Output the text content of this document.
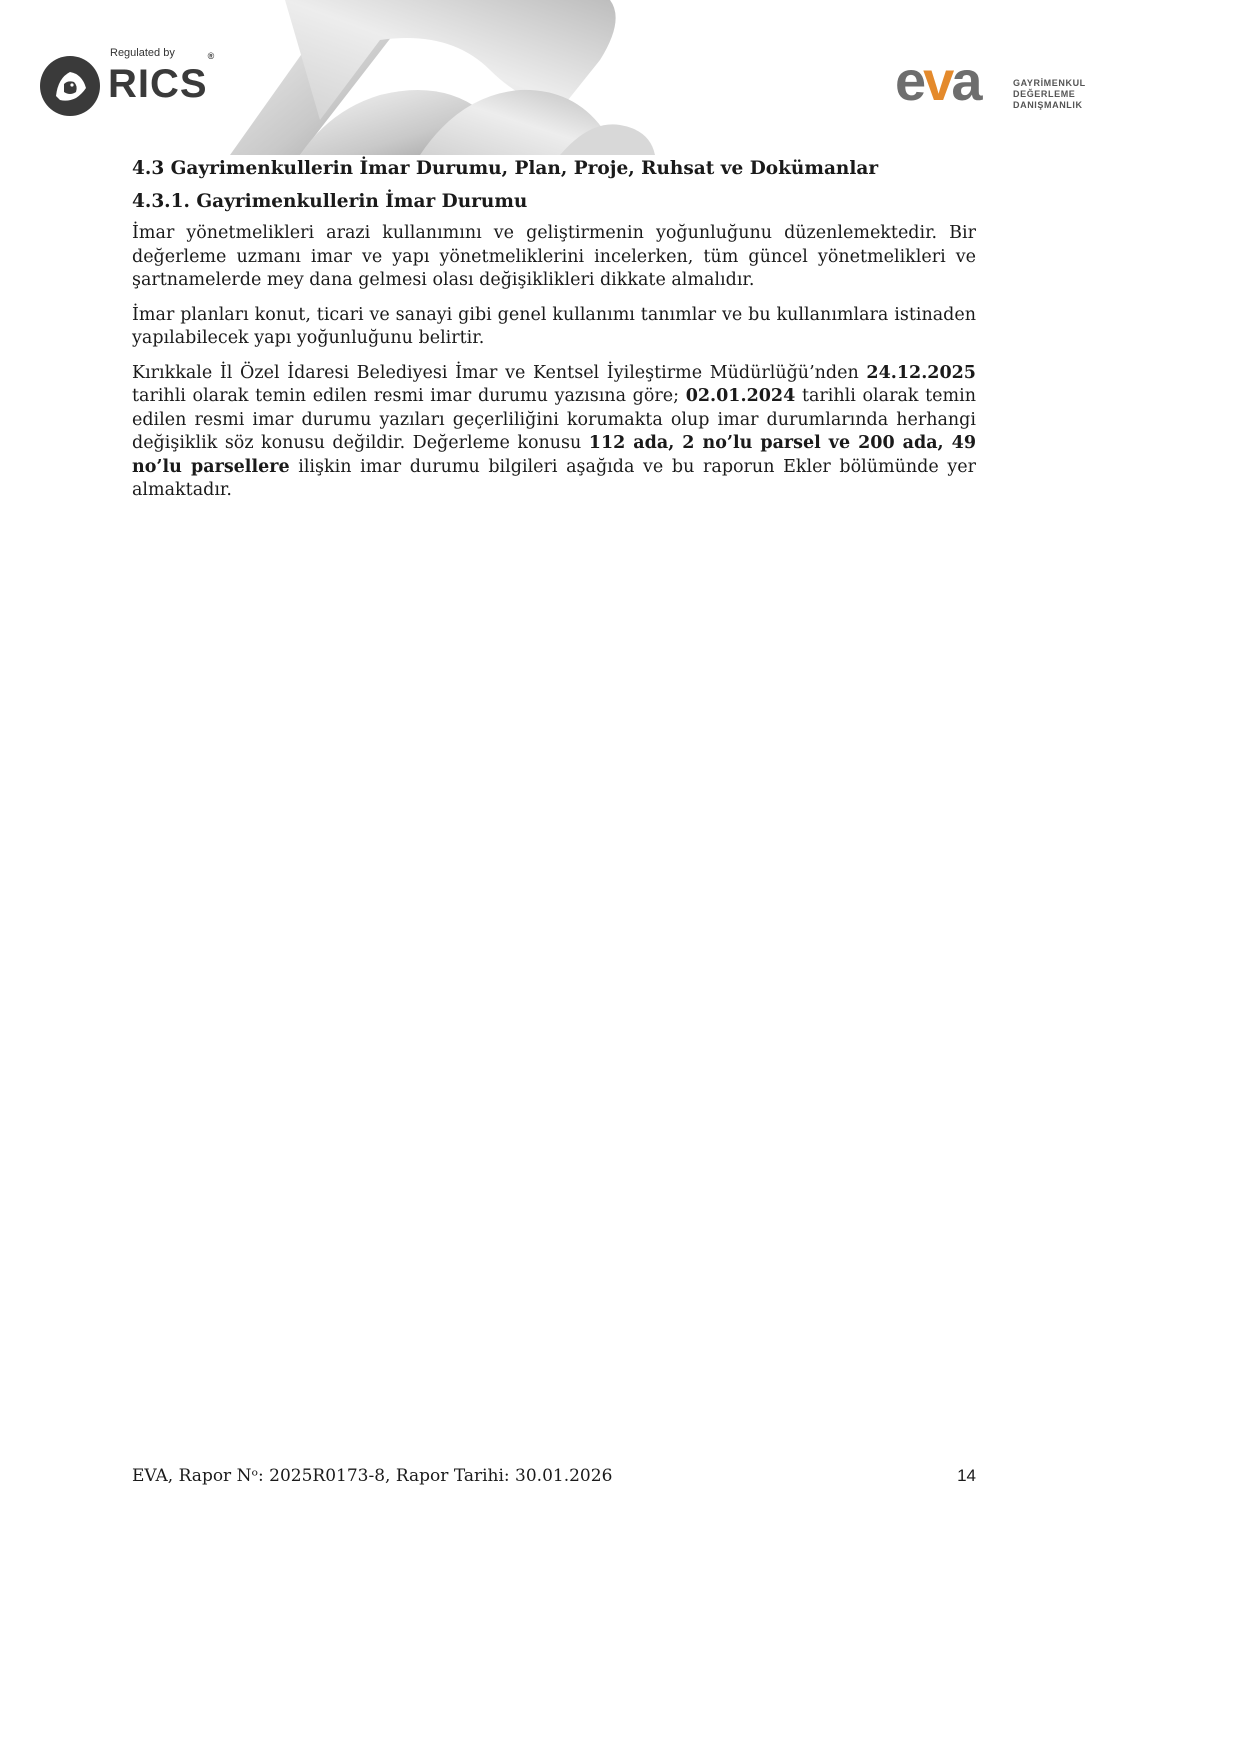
Regulated by
RICS®	eva	GAYRİMENKUL
DEĞERLEME
DANIŞMANLIK
4.3 Gayrimenkullerin İmar Durumu, Plan, Proje, Ruhsat ve Dokümanlar
4.3.1. Gayrimenkullerin İmar Durumu

İmar yönetmelikleri arazi kullanımını ve geliştirmenin yoğunluğunu düzenlemektedir. Bir değerleme uzmanı imar ve yapı yönetmeliklerini incelerken, tüm güncel yönetmelikleri ve şartnamelerde mey dana gelmesi olası değişiklikleri dikkate almalıdır.

İmar planları konut, ticari ve sanayi gibi genel kullanımı tanımlar ve bu kullanımlara istinaden yapılabilecek yapı yoğunluğunu belirtir.

Kırıkkale İl Özel İdaresi Belediyesi İmar ve Kentsel İyileştirme Müdürlüğü’nden 24.12.2025 tarihli olarak temin edilen resmi imar durumu yazısına göre; 02.01.2024 tarihli olarak temin edilen resmi imar durumu yazıları geçerliliğini korumakta olup imar durumlarında herhangi değişiklik söz konusu değildir. Değerleme konusu 112 ada, 2 no’lu parsel ve 200 ada, 49 no’lu parsellere ilişkin imar durumu bilgileri aşağıda ve bu raporun Ekler bölümünde yer almaktadır.

EVA, Rapor Nᵒ: 2025R0173-8, Rapor Tarihi: 30.01.2026	14
